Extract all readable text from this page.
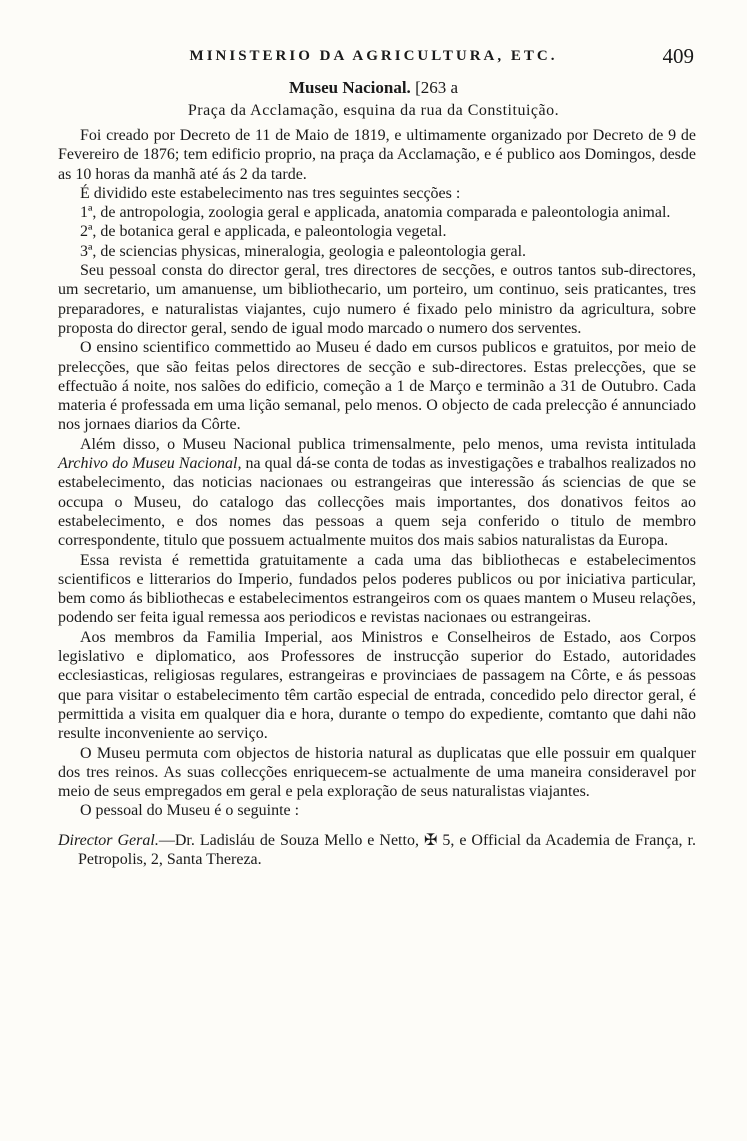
MINISTERIO DA AGRICULTURA, ETC.	409
Museu Nacional. [263 a
Praça da Acclamação, esquina da rua da Constituição.

Foi creado por Decreto de 11 de Maio de 1819, e ultimamente organizado por Decreto de 9 de Fevereiro de 1876; tem edificio proprio, na praça da Acclamação, e é publico aos Domingos, desde as 10 horas da manhã até ás 2 da tarde.

É dividido este estabelecimento nas tres seguintes secções :

1ª, de antropologia, zoologia geral e applicada, anatomia comparada e paleontologia animal.

2ª, de botanica geral e applicada, e paleontologia vegetal.

3ª, de sciencias physicas, mineralogia, geologia e paleontologia geral.

Seu pessoal consta do director geral, tres directores de secções, e outros tantos sub-directores, um secretario, um amanuense, um bibliothecario, um porteiro, um continuo, seis praticantes, tres preparadores, e naturalistas viajantes, cujo numero é fixado pelo ministro da agricultura, sobre proposta do director geral, sendo de igual modo marcado o numero dos serventes.

O ensino scientifico commettido ao Museu é dado em cursos publicos e gratuitos, por meio de prelecções, que são feitas pelos directores de secção e sub-directores. Estas prelecções, que se effectuão á noite, nos salões do edificio, começão a 1 de Março e terminão a 31 de Outubro. Cada materia é professada em uma lição semanal, pelo menos. O objecto de cada prelecção é annunciado nos jornaes diarios da Côrte.

Além disso, o Museu Nacional publica trimensalmente, pelo menos, uma revista intitulada Archivo do Museu Nacional, na qual dá-se conta de todas as investigações e trabalhos realizados no estabelecimento, das noticias nacionaes ou estrangeiras que interessão ás sciencias de que se occupa o Museu, do catalogo das collecções mais importantes, dos donativos feitos ao estabelecimento, e dos nomes das pessoas a quem seja conferido o titulo de membro correspondente, titulo que possuem actualmente muitos dos mais sabios naturalistas da Europa.

Essa revista é remettida gratuitamente a cada uma das bibliothecas e estabelecimentos scientificos e litterarios do Imperio, fundados pelos poderes publicos ou por iniciativa particular, bem como ás bibliothecas e estabelecimentos estrangeiros com os quaes mantem o Museu relações, podendo ser feita igual remessa aos periodicos e revistas nacionaes ou estrangeiras.

Aos membros da Familia Imperial, aos Ministros e Conselheiros de Estado, aos Corpos legislativo e diplomatico, aos Professores de instrucção superior do Estado, autoridades ecclesiasticas, religiosas regulares, estrangeiras e provinciaes de passagem na Côrte, e ás pessoas que para visitar o estabelecimento têm cartão especial de entrada, concedido pelo director geral, é permittida a visita em qualquer dia e hora, durante o tempo do expediente, comtanto que dahi não resulte inconveniente ao serviço.

O Museu permuta com objectos de historia natural as duplicatas que elle possuir em qualquer dos tres reinos. As suas collecções enriquecem-se actualmente de uma maneira consideravel por meio de seus empregados em geral e pela exploração de seus naturalistas viajantes.

O pessoal do Museu é o seguinte :

Director Geral.—Dr. Ladisláu de Souza Mello e Netto, ✠ 5, e Official da Academia de França, r. Petropolis, 2, Santa Thereza.
